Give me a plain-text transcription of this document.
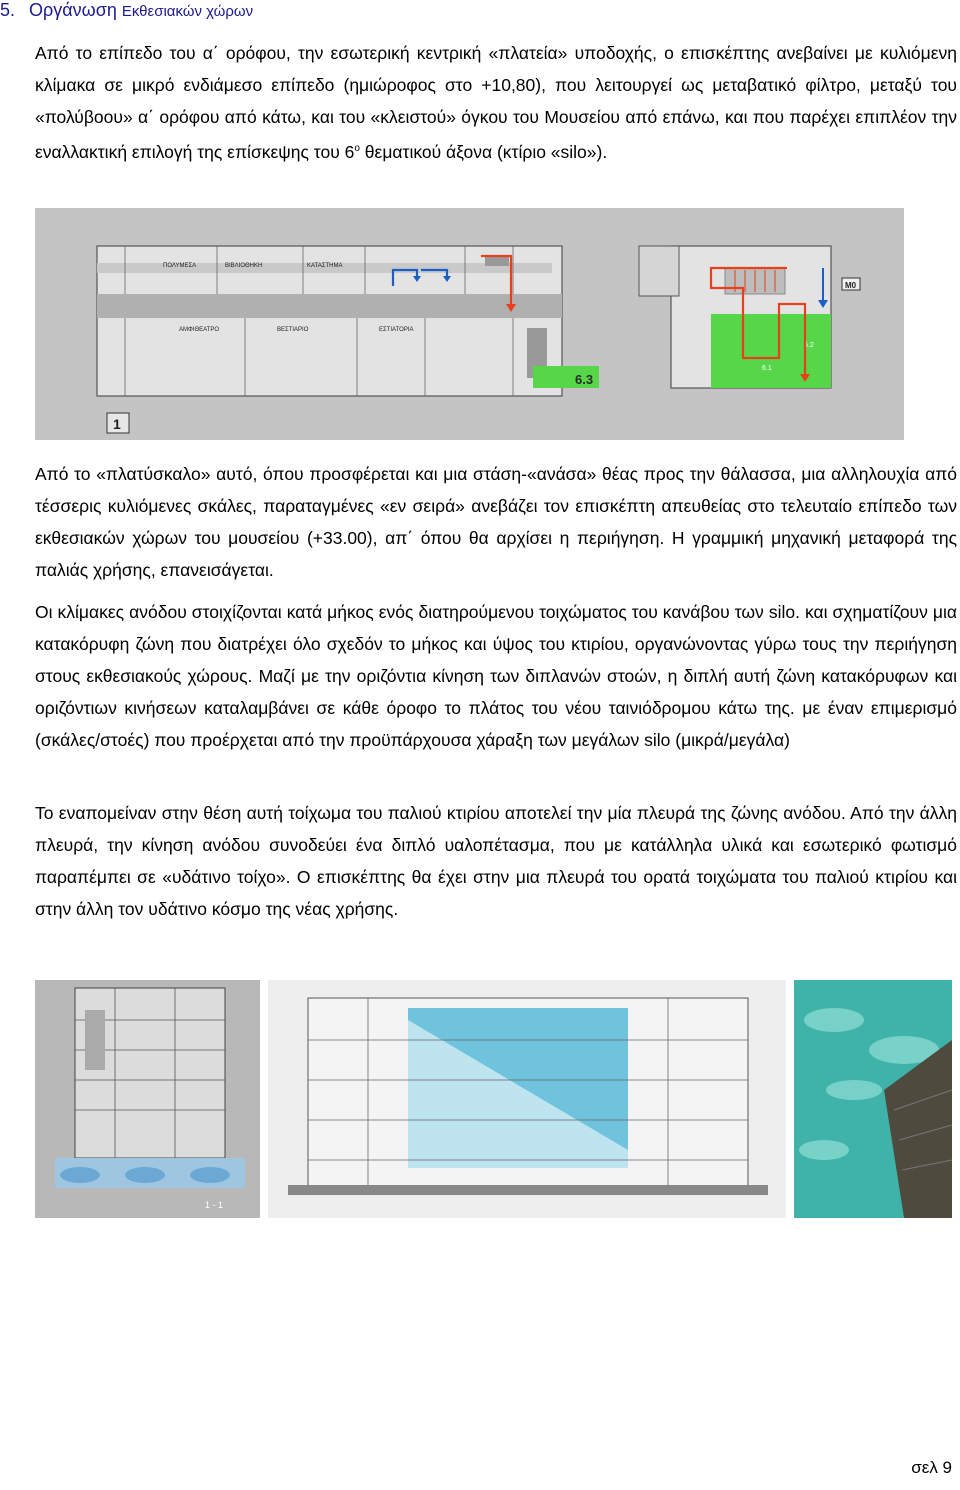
5. Οργάνωση Εκθεσιακών χώρων

Από το επίπεδο του α΄ ορόφου, την εσωτερική κεντρική «πλατεία» υποδοχής, ο επισκέπτης ανεβαίνει με κυλιόμενη κλίμακα σε μικρό ενδιάμεσο επίπεδο (ημιώροφος στο +10,80), που λειτουργεί ως μεταβατικό φίλτρο, μεταξύ του «πολύβοου» α΄ ορόφου από κάτω, και του «κλειστού» όγκου του Μουσείου από επάνω, και που παρέχει επιπλέον την εναλλακτική επιλογή της επίσκεψης του $6^o$ θεματικού άξονα (κτίριο «silo»).

ΠΟΛΥΜΕΣΑ	ΒΙΒΛΙΟΘΗΚΗ	ΚΑΤΑΣΤΗΜΑ
ΑΜΦΙΘΕΑΤΡΟ	ΒΕΣΤΙΑΡΙΟ	ΕΣΤΙΑΤΟΡΙΑ
6.3
6.2
6.1
M0
1

Από το «πλατύσκαλο» αυτό, όπου προσφέρεται και μια στάση-«ανάσα» θέας προς την θάλασσα, μια αλληλουχία από τέσσερις κυλιόμενες σκάλες, παραταγμένες «εν σειρά» ανεβάζει τον επισκέπτη απευθείας στο τελευταίο επίπεδο των εκθεσιακών χώρων του μουσείου (+33.00), απ΄ όπου θα αρχίσει η περιήγηση. Η γραμμική μηχανική μεταφορά της παλιάς χρήσης, επανεισάγεται.

Οι κλίμακες ανόδου στοιχίζονται κατά μήκος ενός διατηρούμενου τοιχώματος του κανάβου των silo. και σχηματίζουν μια κατακόρυφη ζώνη που διατρέχει όλο σχεδόν το μήκος και ύψος του κτιρίου, οργανώνοντας γύρω τους την περιήγηση στους εκθεσιακούς χώρους. Μαζί με την οριζόντια κίνηση των διπλανών στοών, η διπλή αυτή ζώνη κατακόρυφων και οριζόντιων κινήσεων καταλαμβάνει σε κάθε όροφο το πλάτος του νέου ταινιόδρομου κάτω της. με έναν επιμερισμό (σκάλες/στοές) που προέρχεται από την προϋπάρχουσα χάραξη των μεγάλων silo (μικρά/μεγάλα)

Το εναπομείναν στην θέση αυτή τοίχωμα του παλιού κτιρίου αποτελεί την μία πλευρά της ζώνης ανόδου. Από την άλλη πλευρά, την κίνηση ανόδου συνοδεύει ένα διπλό υαλοπέτασμα, που με κατάλληλα υλικά και εσωτερικό φωτισμό παραπέμπει σε «υδάτινο τοίχο». Ο επισκέπτης θα έχει στην μια πλευρά του ορατά τοιχώματα του παλιού κτιρίου και στην άλλη τον υδάτινο κόσμο της νέας χρήσης.

1 - 1
σελ 9
